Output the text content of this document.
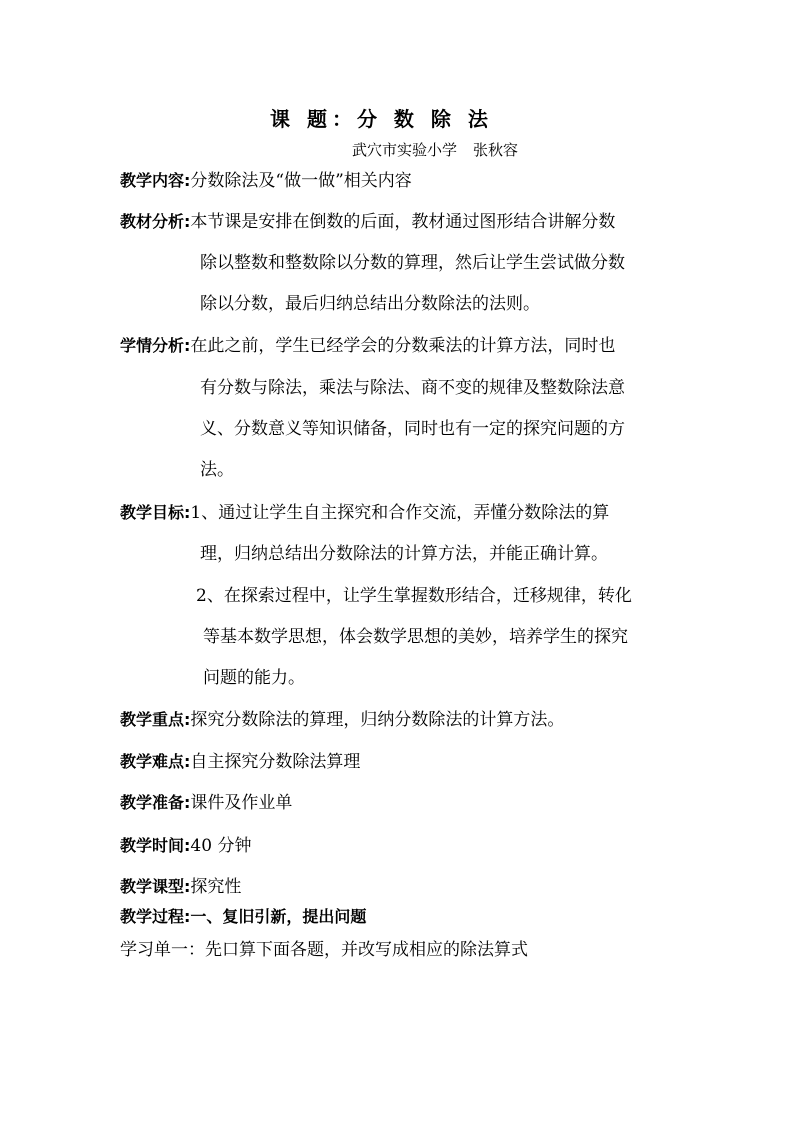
课 题：分 数 除 法
武穴市实验小学 张秋容
教学内容:分数除法及“做一做”相关内容
教材分析:本节课是安排在倒数的后面，教材通过图形结合讲解分数
除以整数和整数除以分数的算理，然后让学生尝试做分数
除以分数，最后归纳总结出分数除法的法则。
学情分析:在此之前，学生已经学会的分数乘法的计算方法，同时也
有分数与除法，乘法与除法、商不变的规律及整数除法意
义、分数意义等知识储备，同时也有一定的探究问题的方
法。
教学目标:1、通过让学生自主探究和合作交流，弄懂分数除法的算
理，归纳总结出分数除法的计算方法，并能正确计算。
2、在探索过程中，让学生掌握数形结合，迁移规律，转化
等基本数学思想，体会数学思想的美妙，培养学生的探究
问题的能力。
教学重点:探究分数除法的算理，归纳分数除法的计算方法。
教学难点:自主探究分数除法算理
教学准备:课件及作业单
教学时间:40 分钟
教学课型:探究性
教学过程:一、复旧引新，提出问题
学习单一：先口算下面各题，并改写成相应的除法算式
